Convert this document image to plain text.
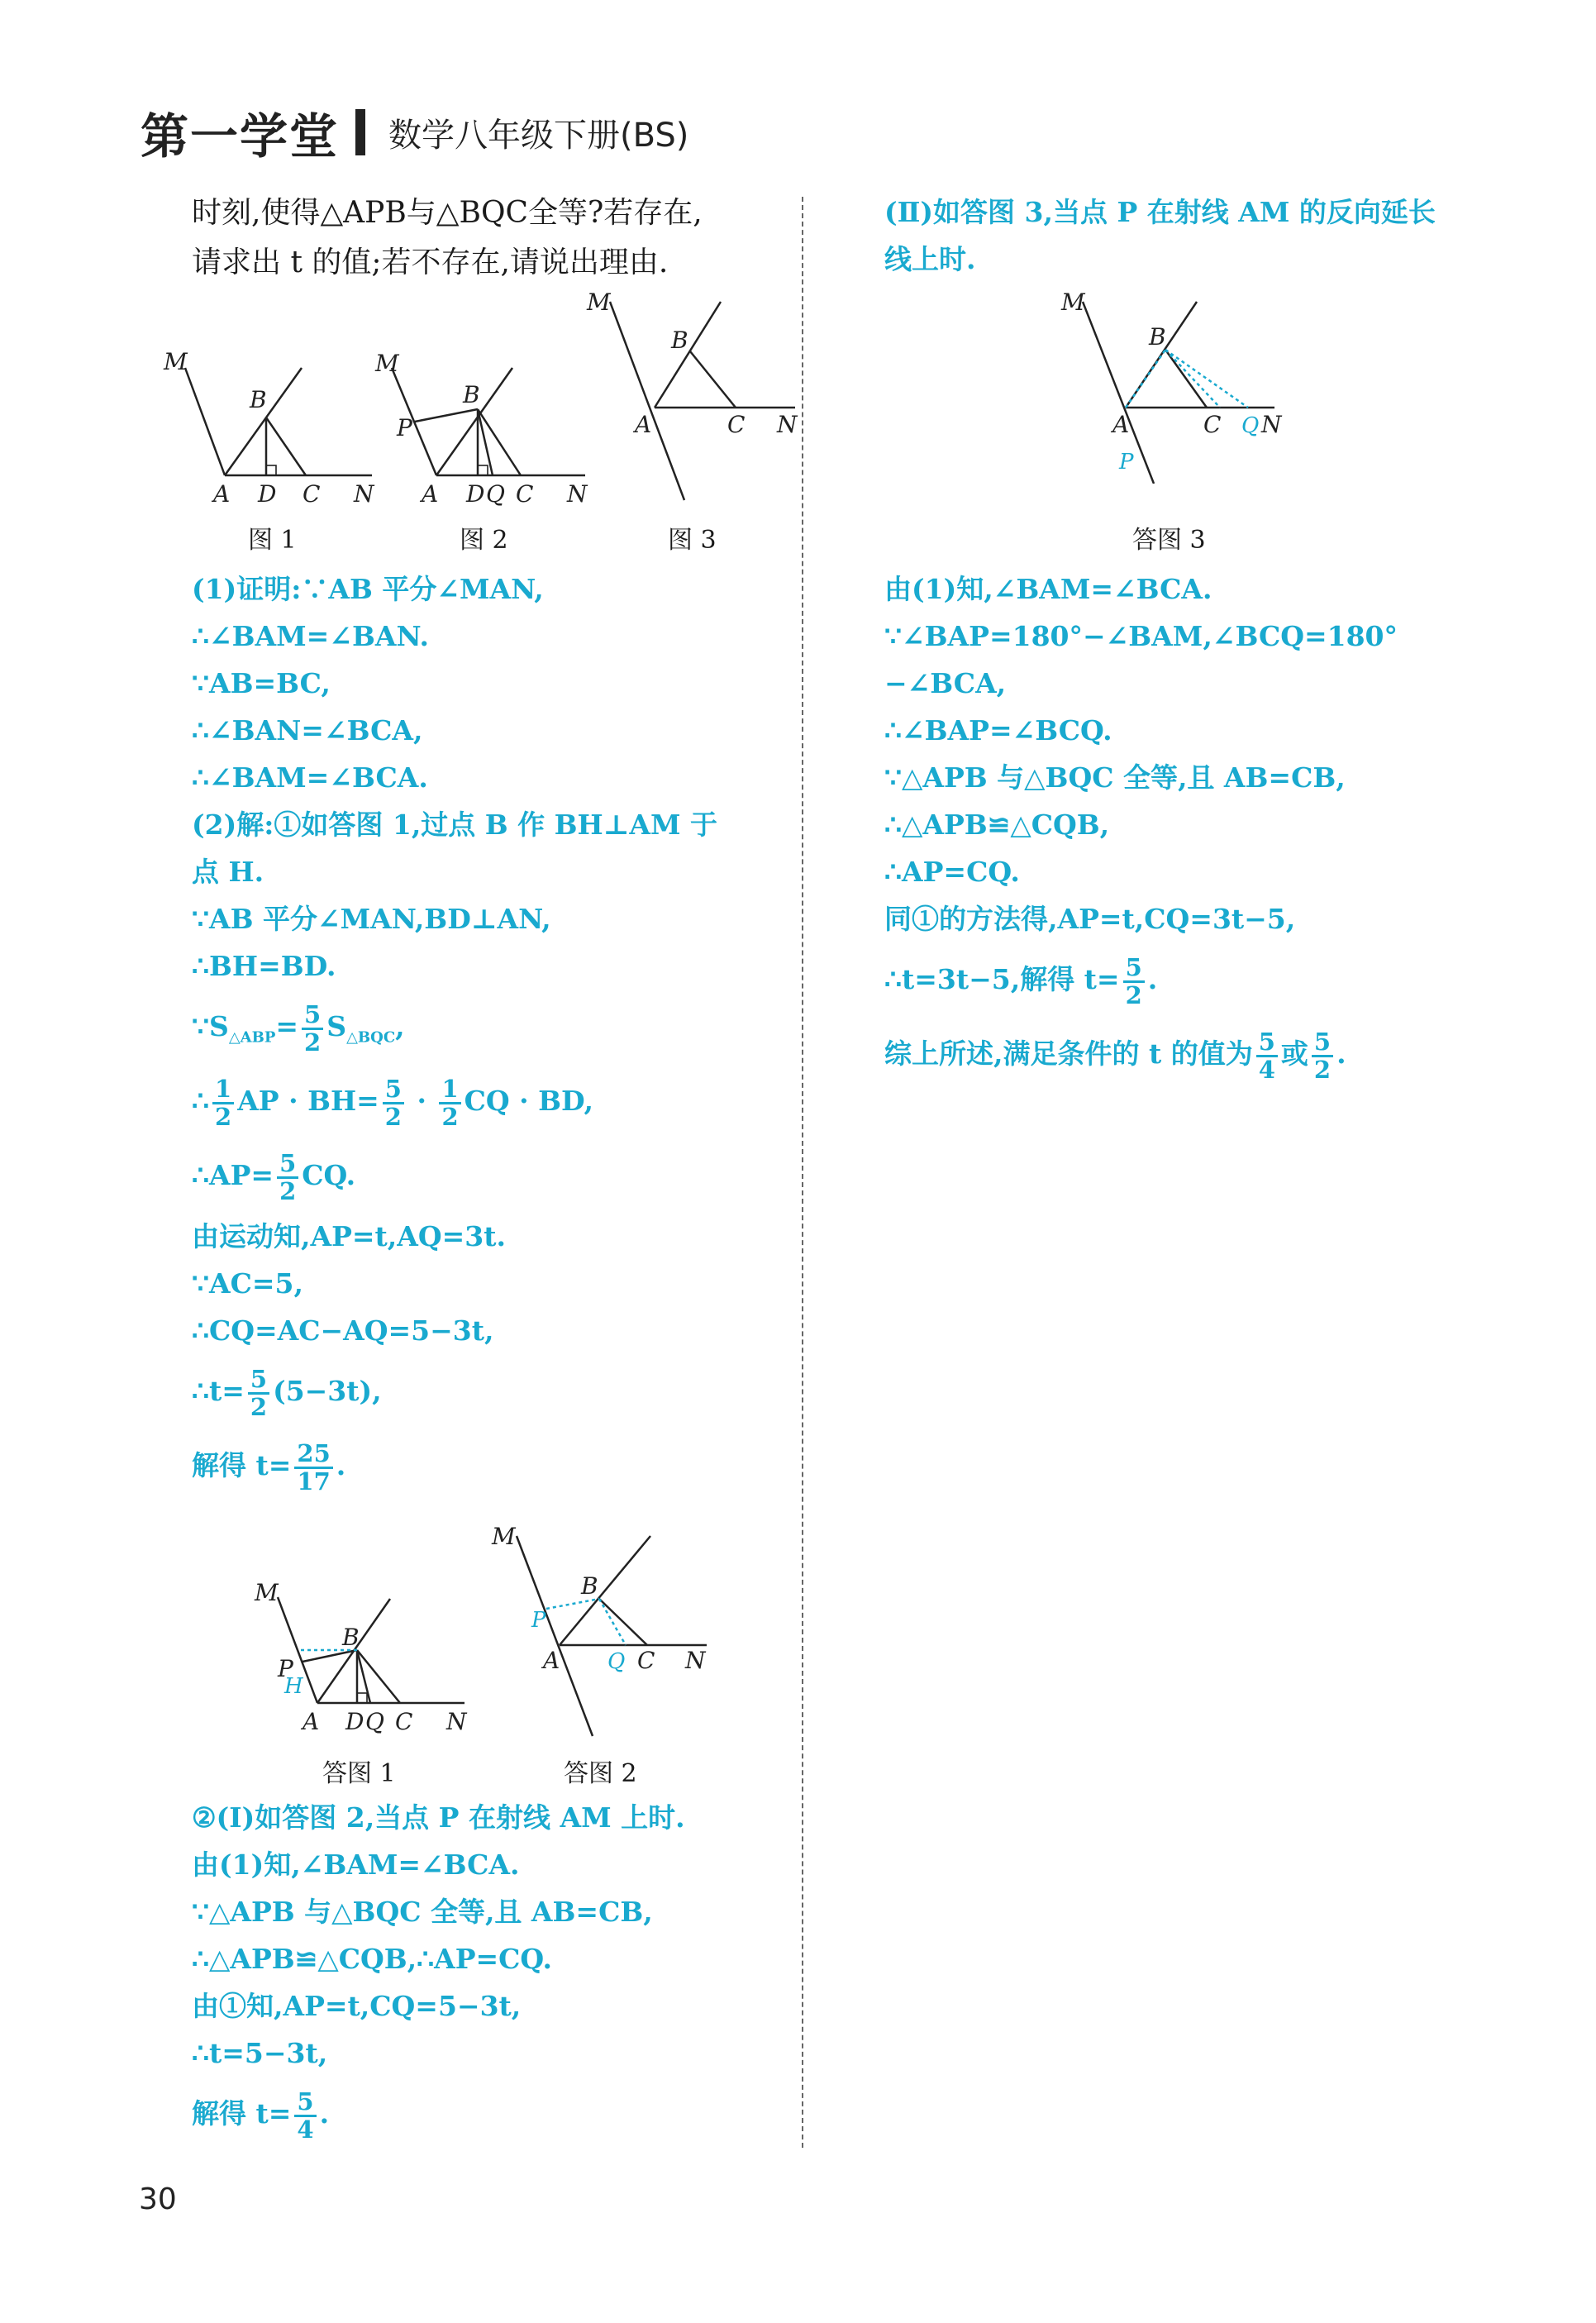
第一学堂 数学八年级下册(BS)
时刻,使得△APB与△BQC全等?若存在,
请求出 t 的值;若不存在,请说出理由.
M
B
A D C N
图 1
M
B
P
A D Q C N
图 2
M
B
A	C N
图 3
(1)证明:∵AB 平分∠MAN,
∴∠BAM=∠BAN.
∵AB=BC,
∴∠BAN=∠BCA,
∴∠BAM=∠BCA.
(2)解:①如答图 1,过点 B 作 BH⊥AM 于
点 H.
∵AB 平分∠MAN,BD⊥AN,
∴BH=BD.
$\because S_{\triangle ABP}= \frac{5}{2} S_{\triangle BQC}$,
∴ $\frac{1}{2}$ AP · $BH= \frac{5}{2} \cdot \frac{1}{2}$ CQ · BD,
∴AP= $\frac{5}{2}$ CQ.
由运动知,AP=t,AQ=3t.
∵AC=5,
∴CQ=AC−AQ=5−3t,
∴t= $\frac{5}{2} (5-3t)$,
解得 $t= \frac{25}{17}$ .
M
B
P
A D Q C N
H
答图 1
M
B
A	C N
P
Q
答图 2
②(Ⅰ)如答图 2,当点 P 在射线 AM 上时.
由(1)知,∠BAM=∠BCA.
∵△APB 与△BQC 全等,且 AB=CB,
∴△APB≌△CQB,∴AP=CQ.
由①知,AP=t,CQ=5−3t,
∴t=5−3t,
解得 $t= \frac{5}{4}$ .
(Ⅱ)如答图 3,当点 P 在射线 AM 的反向延长
线上时.
M
B
A	C N
Q
P
答图 3
由(1)知,∠BAM=∠BCA.
∵∠BAP=180°−∠BAM,∠BCQ=180°
−∠BCA,
∴∠BAP=∠BCQ.
∵△APB 与△BQC 全等,且 AB=CB,
∴△APB≌△CQB,
∴AP=CQ.
同①的方法得,AP=t,CQ=3t−5,
∴t=3t−5,解得 $t= \frac{5}{2}$ .
综上所述,满足条件的 t 的值为 $\frac{5}{4}$ 或 $\frac{5}{2}$ .
30
